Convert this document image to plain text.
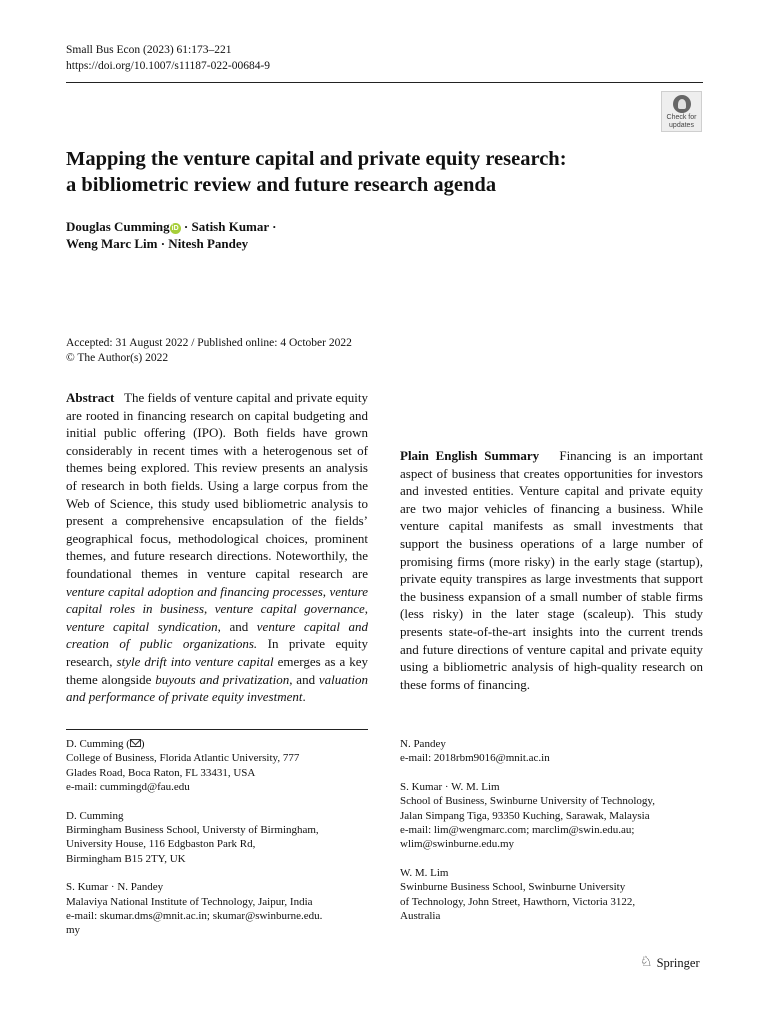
Small Bus Econ (2023) 61:173–221
https://doi.org/10.1007/s11187-022-00684-9
Check for
updates
Mapping the venture capital and private equity research:
a bibliometric review and future research agenda
Douglas Cumming iD · Satish Kumar ·
Weng Marc Lim · Nitesh Pandey
Accepted: 31 August 2022 / Published online: 4 October 2022
© The Author(s) 2022
Abstract The fields of venture capital and private equity are rooted in financing research on capital budgeting and initial public offering (IPO). Both fields have grown considerably in recent times with a heterogenous set of themes being explored. This review presents an analysis of research in both fields. Using a large corpus from the Web of Science, this study used bibliometric analysis to present a comprehensive encapsulation of the fields’ geographical focus, methodological choices, prominent themes, and future research directions. Noteworthily, the foundational themes in venture capital research are venture capital adoption and financing processes, venture capital roles in business, venture capital governance, venture capital syndication, and venture capital and creation of public organizations. In private equity research, style drift into venture capital emerges as a key theme alongside buyouts and privatization, and valuation and performance of private equity investment.
Plain English Summary Financing is an important aspect of business that creates opportunities for investors and invested entities. Venture capital and private equity are two major vehicles of financing a business. While venture capital manifests as small investments that support the business operations of a large number of promising firms (more risky) in the early stage (startup), private equity transpires as large investments that support the business expansion of a small number of stable firms (less risky) in the later stage (scaleup). This study presents state-of-the-art insights into the current trends and future directions of venture capital and private equity using a bibliometric analysis of high-quality research on these forms of financing.
D. Cumming ( )
College of Business, Florida Atlantic University, 777
Glades Road, Boca Raton, FL 33431, USA
e-mail: cummingd@fau.edu
D. Cumming
Birmingham Business School, Universty of Birmingham,
University House, 116 Edgbaston Park Rd,
Birmingham B15 2TY, UK
S. Kumar · N. Pandey
Malaviya National Institute of Technology, Jaipur, India
e-mail: skumar.dms@mnit.ac.in; skumar@swinburne.edu.
my
N. Pandey
e-mail: 2018rbm9016@mnit.ac.in
S. Kumar · W. M. Lim
School of Business, Swinburne University of Technology,
Jalan Simpang Tiga, 93350 Kuching, Sarawak, Malaysia
e-mail: lim@wengmarc.com; marclim@swin.edu.au;
wlim@swinburne.edu.my
W. M. Lim
Swinburne Business School, Swinburne University
of Technology, John Street, Hawthorn, Victoria 3122,
Australia
♘ Springer
